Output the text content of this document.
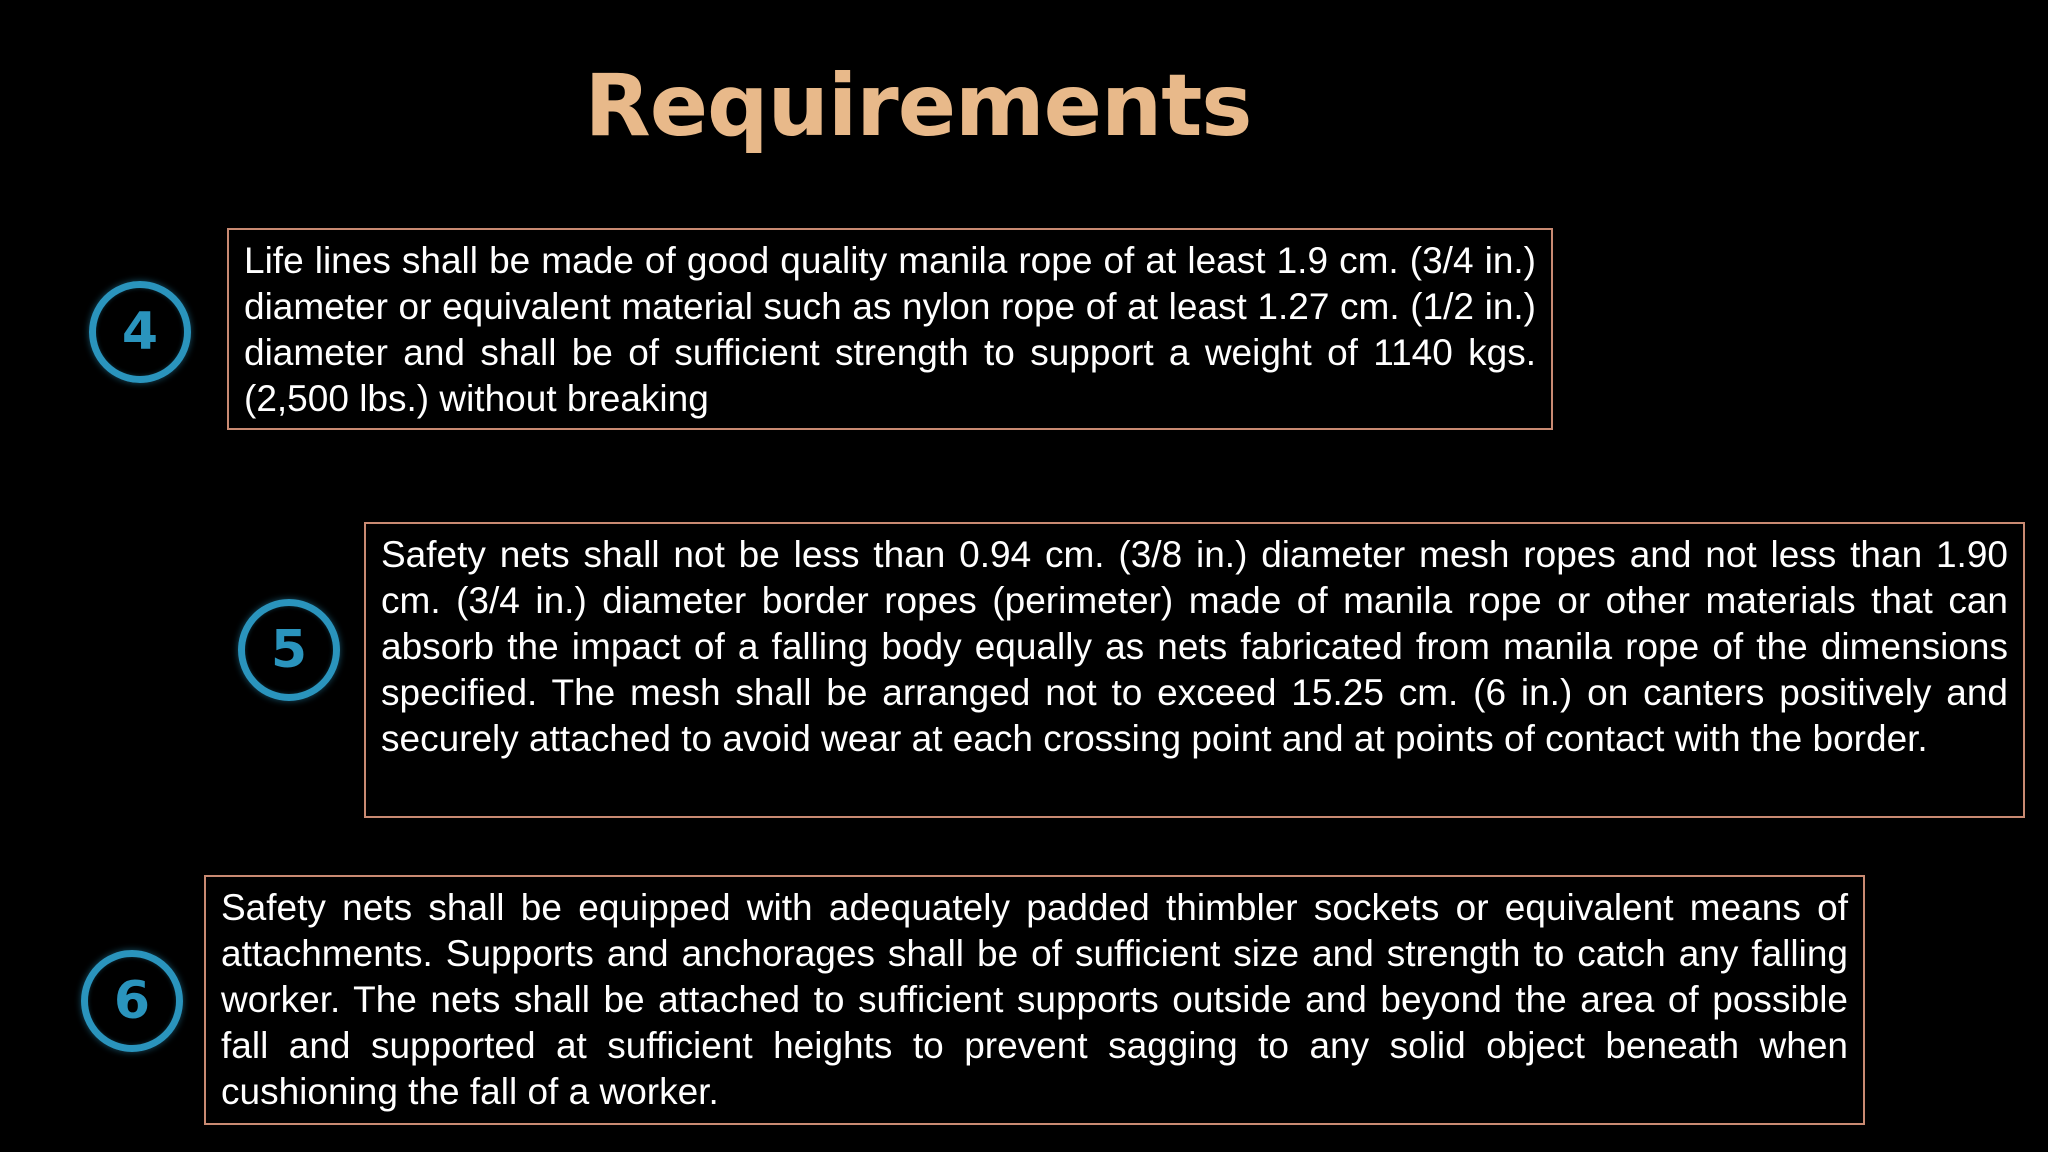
Requirements
4
Life lines shall be made of good quality manila rope of at least 1.9 cm. (3/4 in.) diameter or equivalent material such as nylon rope of at least 1.27 cm. (1/2 in.) diameter and shall be of sufficient strength to support a weight of 1140 kgs. (2,500 lbs.) without breaking
5
Safety nets shall not be less than 0.94 cm. (3/8 in.) diameter mesh ropes and not less than 1.90 cm. (3/4 in.) diameter border ropes (perimeter) made of manila rope or other materials that can absorb the impact of a falling body equally as nets fabricated from manila rope of the dimensions specified. The mesh shall be arranged not to exceed 15.25 cm. (6 in.) on canters positively and securely attached to avoid wear at each crossing point and at points of contact with the border.
6
Safety nets shall be equipped with adequately padded thimbler sockets or equivalent means of attachments. Supports and anchorages shall be of sufficient size and strength to catch any falling worker. The nets shall be attached to sufficient supports outside and beyond the area of possible fall and supported at sufficient heights to prevent sagging to any solid object beneath when cushioning the fall of a worker.
